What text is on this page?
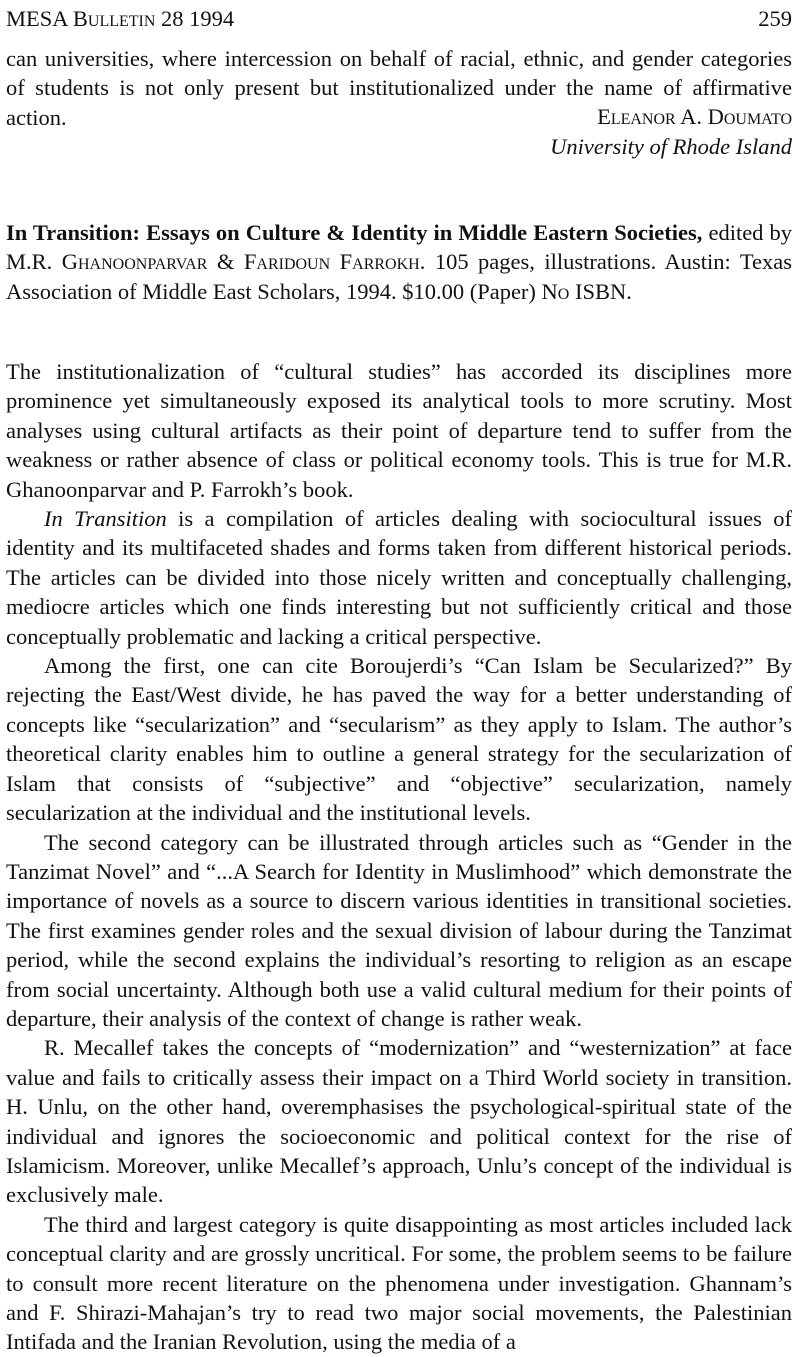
MESA Bulletin 28 1994	259

can universities, where intercession on behalf of racial, ethnic, and gender categories of students is not only present but institutionalized under the name of affirmative action.	Eleanor A. Doumato
University of Rhode Island

In Transition: Essays on Culture & Identity in Middle Eastern Societies, edited by M.R. Ghanoonparvar & Faridoun Farrokh. 105 pages, illustrations. Austin: Texas Association of Middle East Scholars, 1994. $10.00 (Paper) No ISBN.

The institutionalization of “cultural studies” has accorded its disciplines more prominence yet simultaneously exposed its analytical tools to more scrutiny. Most analyses using cultural artifacts as their point of departure tend to suffer from the weakness or rather absence of class or political economy tools. This is true for M.R. Ghanoonparvar and P. Farrokh’s book.

In Transition is a compilation of articles dealing with sociocultural issues of identity and its multifaceted shades and forms taken from different historical periods. The articles can be divided into those nicely written and conceptually challenging, mediocre articles which one finds interesting but not sufficiently critical and those conceptually problematic and lacking a critical perspective.

Among the first, one can cite Boroujerdi’s “Can Islam be Secularized?” By rejecting the East/West divide, he has paved the way for a better understanding of concepts like “secularization” and “secularism” as they apply to Islam. The author’s theoretical clarity enables him to outline a general strategy for the secularization of Islam that consists of “subjective” and “objective” secularization, namely secularization at the individual and the institutional levels.

The second category can be illustrated through articles such as “Gender in the Tanzimat Novel” and “...A Search for Identity in Muslimhood” which demonstrate the importance of novels as a source to discern various identities in transitional societies. The first examines gender roles and the sexual division of labour during the Tanzimat period, while the second explains the individual’s resorting to religion as an escape from social uncertainty. Although both use a valid cultural medium for their points of departure, their analysis of the context of change is rather weak.

R. Mecallef takes the concepts of “modernization” and “westernization” at face value and fails to critically assess their impact on a Third World society in transition. H. Unlu, on the other hand, overemphasises the psychological-spiritual state of the individual and ignores the socioeconomic and political context for the rise of Islamicism. Moreover, unlike Mecallef’s approach, Unlu’s concept of the individual is exclusively male.

The third and largest category is quite disappointing as most articles included lack conceptual clarity and are grossly uncritical. For some, the problem seems to be failure to consult more recent literature on the phenomena under investigation. Ghannam’s and F. Shirazi-Mahajan’s try to read two major social movements, the Palestinian Intifada and the Iranian Revolution, using the media of a
